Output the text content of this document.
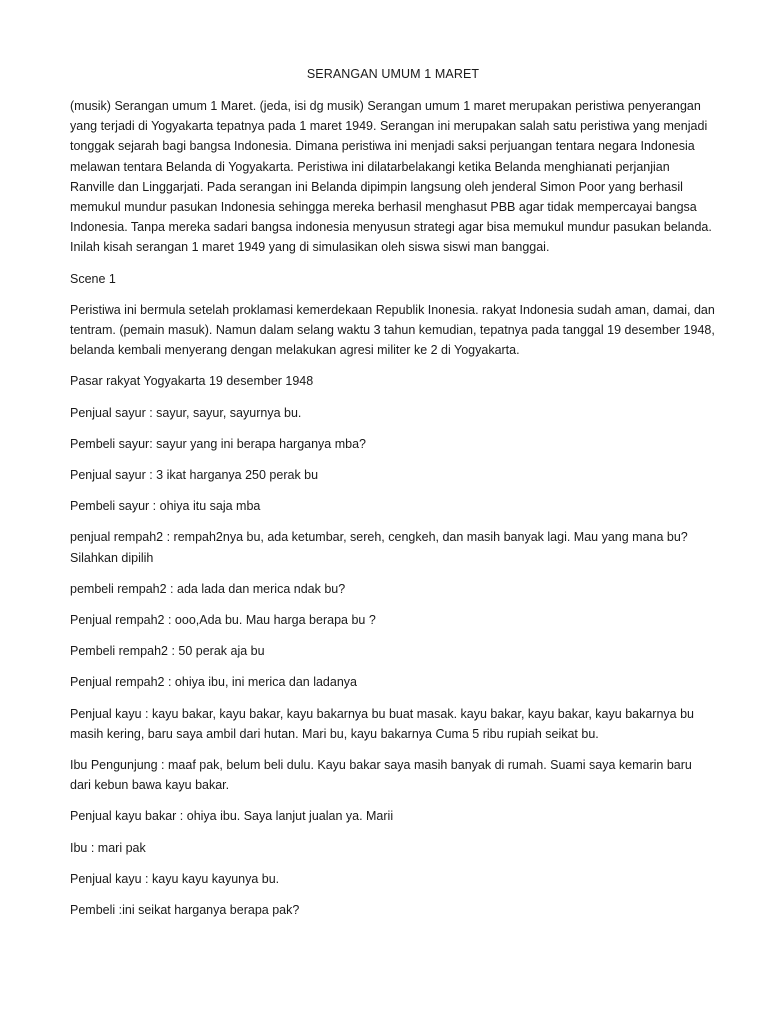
SERANGAN UMUM 1 MARET

(musik) Serangan umum 1 Maret. (jeda, isi dg musik) Serangan umum 1 maret merupakan peristiwa penyerangan yang terjadi di Yogyakarta tepatnya pada 1 maret 1949. Serangan ini merupakan salah satu peristiwa yang menjadi tonggak sejarah bagi bangsa Indonesia. Dimana peristiwa ini menjadi saksi perjuangan tentara negara Indonesia melawan tentara Belanda di Yogyakarta. Peristiwa ini dilatarbelakangi ketika Belanda menghianati perjanjian Ranville dan Linggarjati. Pada serangan ini Belanda dipimpin langsung oleh jenderal Simon Poor yang berhasil memukul mundur pasukan Indonesia sehingga mereka berhasil menghasut PBB agar tidak mempercayai bangsa Indonesia. Tanpa mereka sadari bangsa indonesia menyusun strategi agar bisa memukul mundur pasukan belanda. Inilah kisah serangan 1 maret 1949 yang di simulasikan oleh siswa siswi man banggai.

Scene 1

Peristiwa ini bermula setelah proklamasi kemerdekaan Republik Inonesia. rakyat Indonesia sudah aman, damai, dan tentram. (pemain masuk). Namun dalam selang waktu 3 tahun kemudian, tepatnya pada tanggal 19 desember 1948, belanda kembali menyerang dengan melakukan agresi militer ke 2 di Yogyakarta.

Pasar rakyat Yogyakarta 19 desember 1948

Penjual sayur : sayur, sayur, sayurnya bu.

Pembeli sayur: sayur yang ini berapa harganya mba?

Penjual sayur : 3 ikat harganya 250 perak bu

Pembeli sayur : ohiya itu saja mba

penjual rempah2 : rempah2nya bu, ada ketumbar, sereh, cengkeh, dan masih banyak lagi. Mau yang mana bu? Silahkan dipilih

pembeli rempah2 : ada lada dan merica ndak bu?

Penjual rempah2 : ooo,Ada bu. Mau harga berapa bu ?

Pembeli rempah2 : 50 perak aja bu

Penjual rempah2 : ohiya ibu, ini merica dan ladanya

Penjual kayu : kayu bakar, kayu bakar, kayu bakarnya bu buat masak. kayu bakar, kayu bakar, kayu bakarnya bu masih kering, baru saya ambil dari hutan. Mari bu, kayu bakarnya Cuma 5 ribu rupiah seikat bu.

Ibu Pengunjung : maaf pak, belum beli dulu. Kayu bakar saya masih banyak di rumah. Suami saya kemarin baru dari kebun bawa kayu bakar.

Penjual kayu bakar : ohiya ibu. Saya lanjut jualan ya. Marii

Ibu : mari pak

Penjual kayu : kayu kayu kayunya bu.

Pembeli :ini seikat harganya berapa pak?
